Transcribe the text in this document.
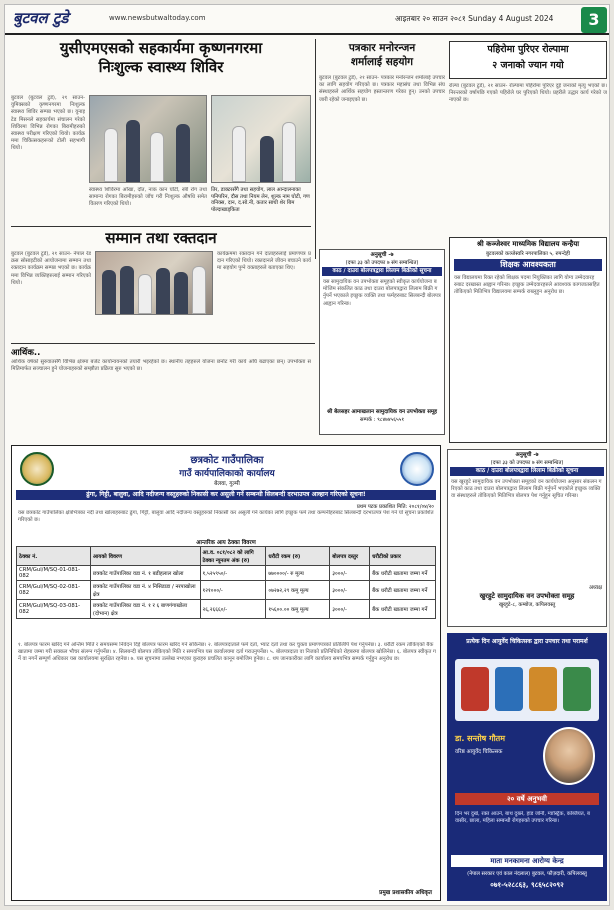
बुटवल टुडे	www.newsbutwaltoday.com	आइतबार २० साउन २०८१ Sunday 4 August 2024	3
युसीएमएसको सहकार्यमा कृष्णनगरमा
निःशुल्क स्वास्थ्य शिविर
बुटवल (बुटवल टुडे), २१ साउन- युमिक्सको कृष्णनगरमा निःशुल्क स्वास्थ्य शिविर सम्पन्न भएको छ। युनाइटेड मिसनले सहकार्यमा संचालन गरेको शिविरमा विभिन्न रोगका बिरामीहरुको स्वास्थ्य परीक्षण गरिएको थियो। कार्यक्रममा चिकित्सकहरूको टोली सहभागी थियो।
स्वास्थ्य शिविरमा आँखा, दाँत, नाक कान घाँटी, स्त्री रोग तथा सामान्य रोगका बिरामीहरुको जाँच गरी निःशुल्क औषधि समेत वितरण गरिएको थियो।
तिर, डाक्टरसँगै तथा सहयोग, लाल आन्दालनाका पनिपरिन, दौस तथा नियम लेन, शुल्क नाम घोटी, गण वनिक्स, दान, द.सो.नी, कतार साथी शेर बिम पोल्दाखाड्किता
सम्मान तथा रक्तदान
बुटवल (बुटवल टुडे), २१ साउन- नेपाल रेडक्रस सोसाइटीको आयोजनामा सम्मान तथा रक्तदान कार्यक्रम सम्पन्न भएको छ। कार्यक्रममा विभिन्न व्यक्तिहरुलाई सम्मान गरिएको थियो।
कार्यक्रममा रक्तदान गर्ने दाताहरुलाई प्रमाणपत्र प्रदान गरिएको थियो। रक्तदानले जीवन बचाउने कार्यमा सहयोग पुग्ने वक्ताहरुले बताएका थिए।
पत्रकार मनोरन्जन
शर्मालाई सहयोग
बुटवल (बुटवल टुडे), २१ साउन- पत्रकार मनोरन्जन शर्मालाई उपचारका लागि सहयोग गरिएको छ। पत्रकार महासंघ तथा विभिन्न संघ संस्थाहरुले आर्थिक सहयोग हस्तान्तरण गरेका हुन्। उनको उपचार जारी रहेको जनाइएको छ।
पहिरोमा पुरिएर रोल्पामा
२ जनाको ज्यान गयो
रोल्पा (बुटवल टुडे), २१ साउन- रोल्पामा पहिरोमा पुरिएर दुई जनाको मृत्यु भएको छ। निरन्तरको वर्षापछि गएको पहिरोले घर पुरिएको थियो। प्रहरीले उद्धार कार्य गरेको जनाएको छ।
श्री कञ्जेश्वर माध्यमिक विद्यालय कन्हैया
बुटवलको कञ्जेस्वरि नगरपालिका ५, रुपन्देही
शिक्षक आवश्यकता
यस विद्यालयमा रिक्त रहेको शिक्षक पदमा नियुक्तिका लागि योग्य उम्मेदवारहरुबाट दरखास्त आह्वान गरिन्छ। इच्छुक उम्मेदवारहरुले आवश्यक कागजातसहित तोकिएको मितिभित्र विद्यालयमा सम्पर्क राख्नुहुन अनुरोध छ।
अनुसूची -७
(दफा ३३ को उपदफा ७ संग सम्बन्धित)
काठ / दाउरा बोलपत्रद्वारा लिलाम बिक्रीको सूचना
यस सामुदायिक वन उपभोक्ता समूहको स्वीकृत कार्ययोजना बमोजिम संकलित काठ तथा दाउरा बोलपत्रद्वारा लिलाम बिक्री गर्नुपर्ने भएकाले इच्छुक व्यक्ति तथा फर्महरुबाट सिलबन्दी बोलपत्र आह्वान गरिन्छ।
श्री बेलसहर आमाखलान सामुदायिक वन उपभोक्ता समूह
सम्पर्क : ९८४७४५६५५१
आर्थिक..
आर्थिक वर्षको सुरुवातसँगै विभिन्न क्षेत्रमा बजेट कार्यान्वयनको तयारी भइरहेको छ। स्थानीय तहहरुले योजना छनोट गरी कार्य अघि बढाएका छन्। उपभोक्ता समितिमार्फत सञ्चालन हुने योजनाहरुको सम्झौता प्रक्रिया सुरु भएको छ।
छत्रकोट गाउँपालिका
गाउँ कार्यपालिकाको कार्यालय
बेलवा, गुल्मी
ढुंगा, गिट्टी, बालुवा, आदि नदीजन्य वस्तुहरुको निकासी कर असुली गर्ने सम्बन्धी सिलबन्दी दरभाउपत्र आव्हान गरिएको सूचना!
प्रथम पटक प्रकाशित मिति: २०८१/०४/२०
यस छत्रकोट गाउँपालिका क्षेत्रभित्रका नदी तथा खोलाहरुबाट ढुंगा, गिट्टी, बालुवा आदि नदीजन्य वस्तुहरुको निकासी कर असुली गर्ने कार्यका लागि इच्छुक फर्म तथा कम्पनीहरुबाट सिलबन्दी दरभाउपत्र पेश गर्न यो सूचना प्रकाशित गरिएको छ।
आन्तरिक आय ठेक्का विवरण
ठेक्का नं.	आयको विवरण	आ.व. ०८१/०८२ को लागि ठेक्का न्यूनतम अंक (रु)	धरौटी रकम (रु)	बोलपत्र दस्तुर	धरौटीको प्रकार
CRM/Gul/M/SQ-01-081-082	छत्रकोट गाउँपालिका वडा नं. १ बडीहलाल खोला	१,५२५९५०/-	७७००००/- रु मूल्य	३०००/-	बैंक धरौटी खातामा जम्मा गर्ने
CRM/Gul/M/SQ-02-081-082	छत्रकोट गाउँपालिका वडा नं. ४ निसिडाडा / नरपाखोला क्षेत्र	१२१०००/-	०७२७२,२९ कमू मूल्य	३०००/-	बैंक धरौटी खातामा जम्मा गर्ने
CRM/Gul/M/SQ-03-081-082	छत्रकोट गाउँपालिका वडा नं. १ र ६ बाणगंगाखोला (दोभान) क्षेत्र	२६,२६६६०/-	१५६००.०० कमू मूल्य	३०००/-	बैंक धरौटी खातामा जम्मा गर्ने
१. बोलपत्र फारम खरिद गर्ने अन्तिम मिति र समयसम्म निवेदन दिई बोलपत्र फारम खरिद गर्न सकिनेछ। २. बोलपत्रदाताले फर्म दर्ता, भ्याट दर्ता तथा कर चुक्ता प्रमाणपत्रको प्रतिलिपि पेश गर्नुपर्नेछ। ३. धरौटी रकम तोकिएको बैंक खातामा जम्मा गरी सक्कल भौचर संलग्न गर्नुपर्नेछ। ४. सिलबन्दी बोलपत्र तोकिएको मिति र समयभित्र यस कार्यालयमा दर्ता गराउनुपर्नेछ। ५. बोलपत्रदाता वा निजको प्रतिनिधिको रोहबरमा बोलपत्र खोलिनेछ। ६. बोलपत्र स्वीकृत गर्ने वा नगर्ने सम्पूर्ण अधिकार यस कार्यालयमा सुरक्षित रहनेछ। ७. यस सूचनामा उल्लेख नभएका कुराहरु प्रचलित कानून बमोजिम हुनेछ। ८. थप जानकारीका लागि कार्यालय समयभित्र सम्पर्क गर्नुहुन अनुरोध छ।
प्रमुख प्रशासकीय अधिकृत
अनुसूची -७
(दफा ३३ को उपदफा ७ संग सम्बन्धित)
काठ / दाउरा बोलपत्रद्वारा लिलाम बिक्रीको सूचना
यस खुरहुटे सामुदायिक वन उपभोक्ता समूहको वन कार्ययोजना अनुसार संकलन गरिएको काठ तथा दाउरा बोलपत्रद्वारा लिलाम बिक्री गर्नुपर्ने भएकोले इच्छुक व्यक्ति वा संस्थाहरुले तोकिएको मितिभित्र बोलपत्र पेश गर्नुहुन सूचित गरिन्छ।
अध्यक्ष
खुरहुटे सामुदायिक वन उपभोक्ता समूह
खुरहुटे-८, कम्बोज, कपिलवस्तु
प्रत्येक दिन आयुर्वेद चिकित्सक द्वारा उपचार तथा परामर्श
डा. सन्तोष गौतम
वरिष्ठ आयुर्वेद चिकित्सक
२० वर्षे अनुभवी
दिन भर दुखे, रक्त आउने, बाथ दुख्ने, हाड जोर्नी, ग्यास्ट्रिक, कब्जियत, बवासीर, छाला, महिला सम्बन्धी रोगहरुको उपचार गरिन्छ।
माता मनकामना आरोग्य केन्द्र
(नेपाल सरकार एवं काल नंदलाल) बुटवल, फौज़दारी, कपिलवस्तु
०७१-५२८८६३, ९८६५८२०९२
